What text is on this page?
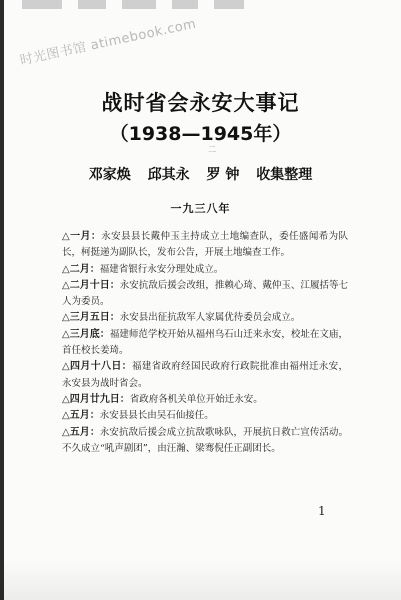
时光图书馆 atimebook.com
战时省会永安大事记
（1938—1945年）
二
邓家焕 邱其永 罗 钟 收集整理
一九三八年
△一月：永安县县长戴仲玉主持成立土地编查队，委任盛闻希为队长，柯挺递为副队长，发布公告，开展土地编查工作。
△二月：福建省银行永安分理处成立。
△二月十日：永安抗敌后援会改组，推赖心琦、戴仲玉、江履括等七人为委员。
△三月五日：永安县出征抗敌军人家属优待委员会成立。
△三月底：福建师范学校开始从福州乌石山迁来永安，校址在文庙，首任校长姜琦。
△四月十八日：福建省政府经国民政府行政院批准由福州迁永安，永安县为战时省会。
△四月廿九日：省政府各机关单位开始迁永安。
△五月：永安县县长由吴石仙接任。
△五月：永安抗敌后援会成立抗敌歌咏队，开展抗日救亡宣传活动。不久成立“吼声剧团”，由汪瀚、梁骞倪任正副团长。
1
